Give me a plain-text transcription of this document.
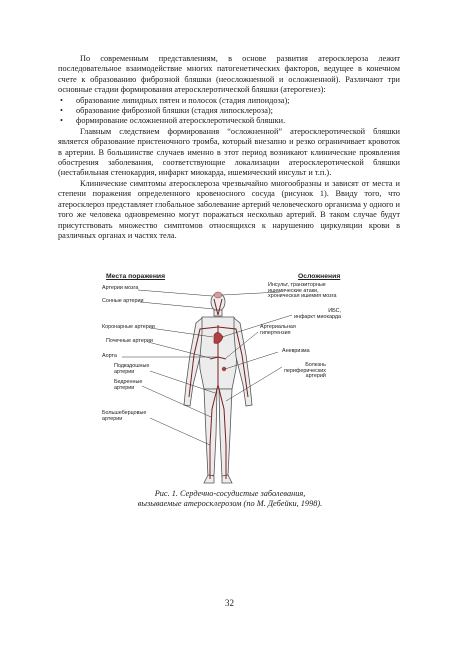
По современным представлениям, в основе развития атеросклероза лежит последовательное взаимодействие многих патогенетических факторов, ведущее в конечном счете к образованию фиброзной бляшки (неосложненной и осложненной). Различают три основные стадии формирования атеросклеротической бляшки (атерогенез):

• образование липидных пятен и полосок (стадия липоидоза);
• образование фиброзной бляшки (стадия липосклероза);
• формирование осложненной атеросклеротической бляшки.

Главным следствием формирования “осложненной” атеросклеротической бляшки является образование пристеночного тромба, который внезапно и резко ограничивает кровоток в артерии. В большинстве случаев именно в этот период возникают клинические проявления обострения заболевания, соответствующие локализации атеросклеротической бляшки (нестабильная стенокардия, инфаркт миокарда, ишемический инсульт и т.п.).

Клинические симптомы атеросклероза чрезвычайно многообразны и зависят от места и степени поражения определенного кровеносного сосуда (рисунок 1). Ввиду того, что атеросклероз представляет глобальное заболевание артерий человеческого организма у одного и того же человека одновременно могут поражаться несколько артерий. В таком случае будут присутствовать множество симптомов относящихся к нарушению циркуляции крови в различных органах и частях тела.

Места поражения	Осложнения
Артерии мозга
Сонные артерии
Коронарные артерии
Почечные артерии
Аорта
Подвздошные
артерии
Бедренные
артерии
Большеберцовые
артерии
Инсульт, транзиторные
ишемические атаки,
хроническая ишемия мозга
ИБС,
инфаркт миокарда
Артериальная
гипертензия
Аневризма
Болезнь
периферических
артерий
Рис. 1. Сердечно-сосудистые заболевания,
вызываемые атеросклерозом (по М. Дебейки, 1998).
32
